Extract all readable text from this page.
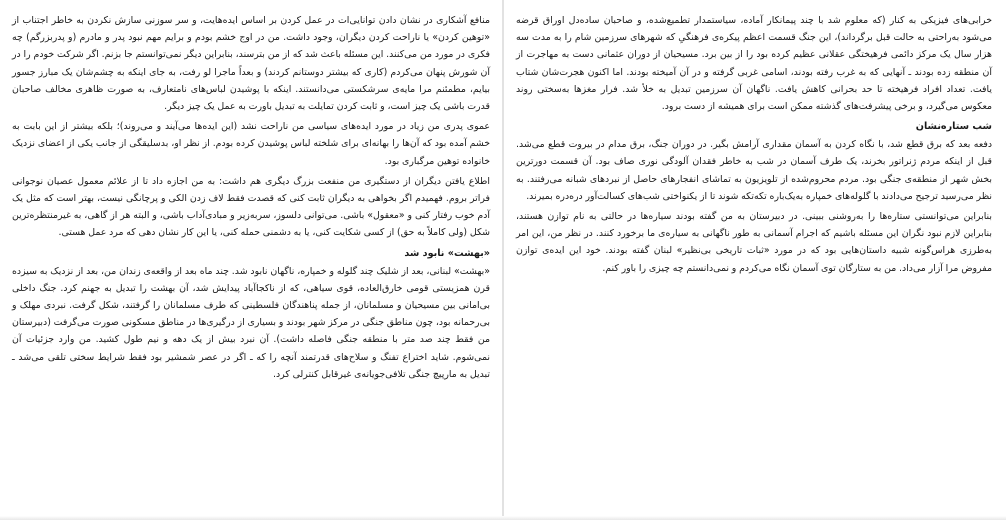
خرابی‌های فیزیکی به کنار (که معلوم شد با چند پیمانکار آماده، سیاستمدار تطمیع‌شده، و صاحبان ساده‌دل اوراق قرضه می‌شود به‌راحتی به حالت قبل برگرداند)، این جنگ قسمت اعظم پیکره‌ی فرهنگیِ که شهرهای سرزمین شام را به مدت سه هزار سال یک مرکز دائمی فرهیختگی عقلانی عظیم کرده بود را از بین برد. مسیحیان از دوران عثمانی دست به مهاجرت از آن منطقه زده بودند ـ آنهایی که به غرب رفته بودند، اسامی غربی گرفته و در آن آمیخته بودند. اما اکنون هجرت‌شان شتاب یافت. تعداد افراد فرهیخته تا حد بحرانی کاهش یافت. ناگهان آن سرزمین تبدیل به خلأ شد. فرار مغزها به‌سختی روند معکوس می‌گیرد، و برخی پیشرفت‌های گذشته ممکن است برای همیشه از دست برود.

شب ستاره‌نشان

دفعه بعد که برق قطع شد، با نگاه کردن به آسمان مقداری آرامش بگیر. در دوران جنگ، برق مدام در بیروت قطع می‌شد. قبل از اینکه مردم ژنراتور بخرند، یک طرف آسمان در شب به خاطر فقدان آلودگی نوری صاف بود. آن قسمت دورترین بخش شهر از منطقه‌ی جنگی بود. مردم محروم‌شده از تلویزیون به تماشای انفجارهای حاصل از نبردهای شبانه می‌رفتند. به نظر می‌رسید ترجیح می‌دادند با گلوله‌های خمپاره به‌یک‌باره تکه‌تکه شوند تا از یکنواختی شب‌های کسالت‌آور دره‌دره بمیرند.

بنابراین می‌توانستی ستاره‌ها را به‌روشنی ببینی. در دبیرستان به من گفته بودند سیاره‌ها در حالتی به نام توازن هستند، بنابراین لازم نبود نگران این مسئله باشیم که اجرام آسمانی به طور ناگهانی به سیاره‌ی ما برخورد کنند. در نظر من، این امر به‌طرزی هراس‌گونه شبیه داستان‌هایی بود که در مورد «ثبات تاریخی بی‌نظیر» لبنان گفته بودند. خود این ایده‌ی توازن مفروض مرا آزار می‌داد. من به ستارگان توی آسمان نگاه می‌کردم و نمی‌دانستم چه چیزی را باور کنم.

منافع آشکاری در نشان دادن توانایی‌ات در عمل کردن بر اساس ایده‌هایت، و سر سوزنی سازش نکردن به خاطر اجتناب از «توهین کردن» یا ناراحت کردن دیگران، وجود داشت. من در اوج خشم بودم و برایم مهم نبود پدر و مادرم (و پدربزرگم) چه فکری در مورد من می‌کنند. این مسئله باعث شد که از من بترسند، بنابراین دیگر نمی‌توانستم جا بزنم. اگر شرکت خودم را در آن شورش پنهان می‌کردم (کاری که بیشتر دوستانم کردند) و بعداً ماجرا لو رفت، به جای اینکه به چشم‌شان یک مبارز جسور بیایم، مطمئنم مرا مایه‌ی سرشکستی می‌دانستند. اینکه با پوشیدن لباس‌های نامتعارف، به صورت ظاهری مخالف صاحبان قدرت باشی یک چیز است، و ثابت کردن تمایلت به تبدیل باورت به عمل یک چیز دیگر.

عموی پدری من زیاد در مورد ایده‌های سیاسی من ناراحت نشد (این ایده‌ها می‌آیند و می‌روند)؛ بلکه بیشتر از این بابت به خشم آمده بود که آن‌ها را بهانه‌ای برای شلخته لباس پوشیدن کرده بودم. از نظر او، بدسلیقگی از جانب یکی از اعضای نزدیک خانواده توهین مرگباری بود.

اطلاع یافتن دیگران از دستگیری من منفعت بزرگ دیگری هم داشت: به من اجازه داد تا از علائم معمول عصیان نوجوانی فراتر بروم. فهمیدم اگر بخواهی به دیگران ثابت کنی که قصدت فقط لاف زدن الکی و پرچانگی نیست، بهتر است که مثل یک آدم خوب رفتار کنی و «معقول» باشی. می‌توانی دلسوز، سربه‌زیر و مبادی‌آداب باشی، و البته هر از گاهی، به غیرمنتظره‌ترین شکل (ولی کاملاً به حق) از کسی شکایت کنی، یا به دشمنی حمله کنی، یا این کار نشان دهی که مرد عمل هستی.

«بهشت» نابود شد

«بهشت» لبنانی، بعد از شلیک چند گلوله و خمپاره، ناگهان نابود شد. چند ماه بعد از واقعه‌ی زندان من، بعد از نزدیک به سیزده قرن همزیستی قومی خارق‌العاده، قوی سیاهی، که از ناکجاآباد پیدایش شد، آن بهشت را تبدیل به جهنم کرد. جنگ داخلی بی‌امانی بین مسیحیان و مسلمانان، از جمله پناهندگان فلسطینی که طرف مسلمانان را گرفتند، شکل گرفت. نبردی مهلک و بی‌رحمانه بود، چون مناطق جنگی در مرکز شهر بودند و بسیاری از درگیری‌ها در مناطق مسکونی صورت می‌گرفت (دبیرستان من فقط چند صد متر با منطقه جنگی فاصله داشت). آن نبرد بیش از یک دهه و نیم طول کشید. من وارد جزئیات آن نمی‌شوم. شاید اختراع تفنگ و سلاح‌های قدرتمند آنچه را که ـ اگر در عصر شمشیر بود فقط شرایط سختی تلقی می‌شد ـ تبدیل به مارپیچ جنگی تلافی‌جویانه‌ی غیرقابل کنترلی کرد.
